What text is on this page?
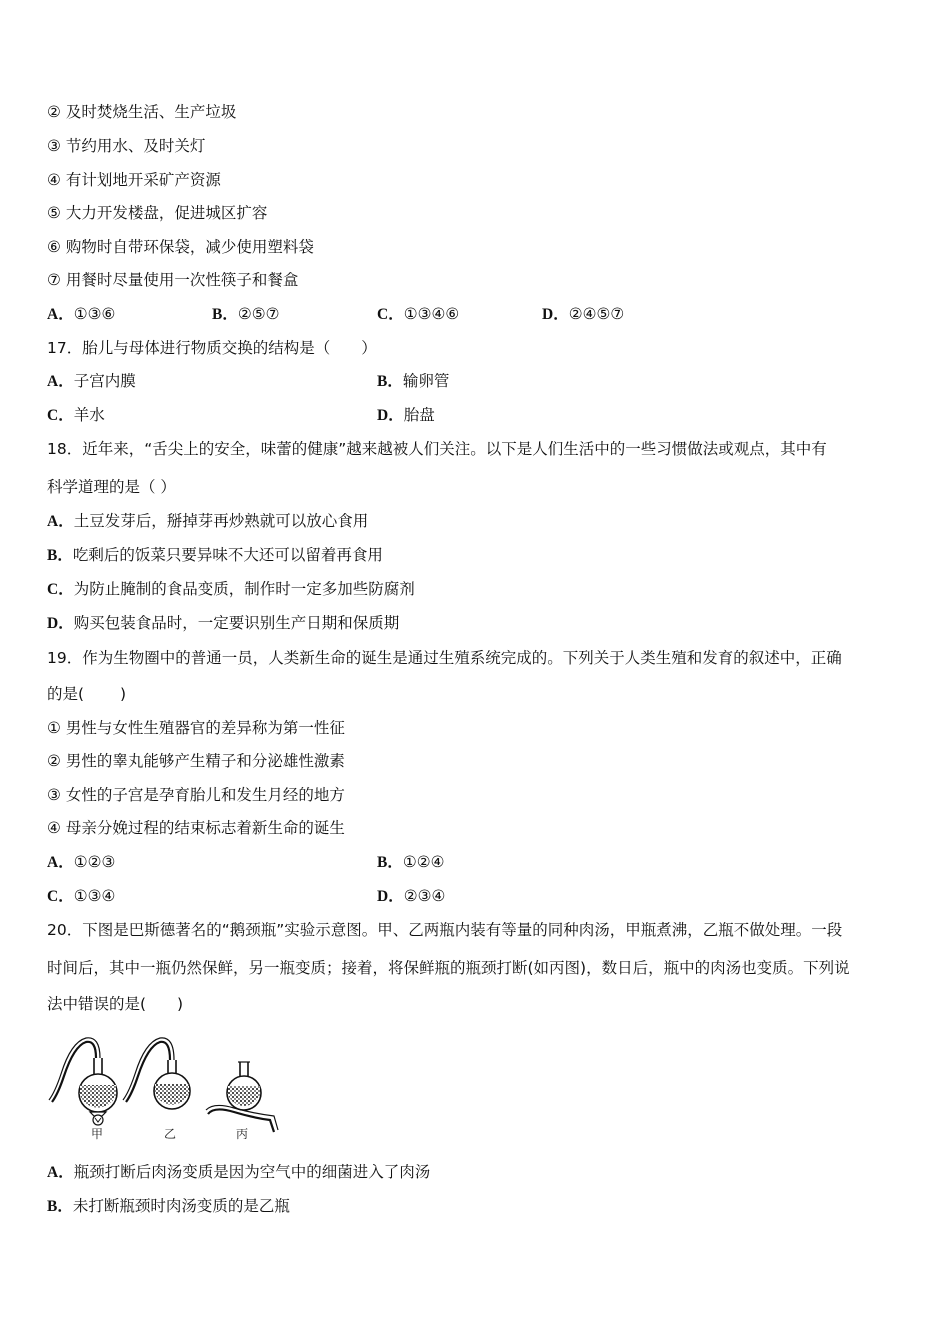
② 及时焚烧生活、生产垃圾
③ 节约用水、及时关灯
④ 有计划地开采矿产资源
⑤ 大力开发楼盘，促进城区扩容
⑥ 购物时自带环保袋，减少使用塑料袋
⑦ 用餐时尽量使用一次性筷子和餐盒
A．①③⑥	B．②⑤⑦	C．①③④⑥	D．②④⑤⑦
17．胎儿与母体进行物质交换的结构是（　　）
A．子宫内膜	B．输卵管
C．羊水	D．胎盘
18．近年来，“舌尖上的安全，味蕾的健康”越来越被人们关注。以下是人们生活中的一些习惯做法或观点，其中有
科学道理的是（ ）
A．土豆发芽后，掰掉芽再炒熟就可以放心食用
B．吃剩后的饭菜只要异味不大还可以留着再食用
C．为防止腌制的食品变质，制作时一定多加些防腐剂
D．购买包装食品时，一定要识别生产日期和保质期
19．作为生物圈中的普通一员，人类新生命的诞生是通过生殖系统完成的。下列关于人类生殖和发育的叙述中，正确
的是(　　 )
① 男性与女性生殖器官的差异称为第一性征
② 男性的睾丸能够产生精子和分泌雄性激素
③ 女性的子宫是孕育胎儿和发生月经的地方
④ 母亲分娩过程的结束标志着新生命的诞生
A．①②③	B．①②④
C．①③④	D．②③④
20．下图是巴斯德著名的“鹅颈瓶”实验示意图。甲、乙两瓶内装有等量的同种肉汤，甲瓶煮沸，乙瓶不做处理。一段
时间后，其中一瓶仍然保鲜，另一瓶变质；接着，将保鲜瓶的瓶颈打断(如丙图)，数日后，瓶中的肉汤也变质。下列说
法中错误的是(　　)
甲	乙	丙
A．瓶颈打断后肉汤变质是因为空气中的细菌进入了肉汤
B．未打断瓶颈时肉汤变质的是乙瓶
